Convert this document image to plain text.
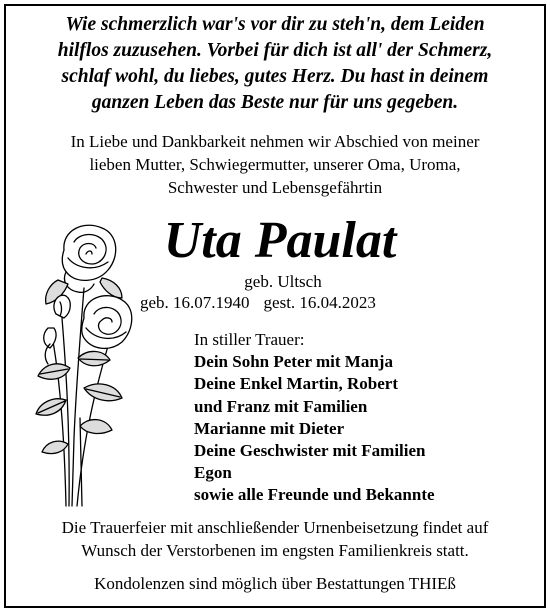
Wie schmerzlich war's vor dir zu steh'n, dem Leiden
hilflos zuzusehen. Vorbei für dich ist all' der Schmerz,
schlaf wohl, du liebes, gutes Herz. Du hast in deinem
ganzen Leben das Beste nur für uns gegeben.
In Liebe und Dankbarkeit nehmen wir Abschied von meiner
lieben Mutter, Schwiegermutter, unserer Oma, Uroma,
Schwester und Lebensgefährtin
Uta Paulat
geb. Ultsch
geb. 16.07.1940 gest. 16.04.2023
In stiller Trauer:
Dein Sohn Peter mit Manja
Deine Enkel Martin, Robert
und Franz mit Familien
Marianne mit Dieter
Deine Geschwister mit Familien
Egon
sowie alle Freunde und Bekannte
Die Trauerfeier mit anschließender Urnenbeisetzung findet auf
Wunsch der Verstorbenen im engsten Familienkreis statt.
Kondolenzen sind möglich über Bestattungen THIEß
